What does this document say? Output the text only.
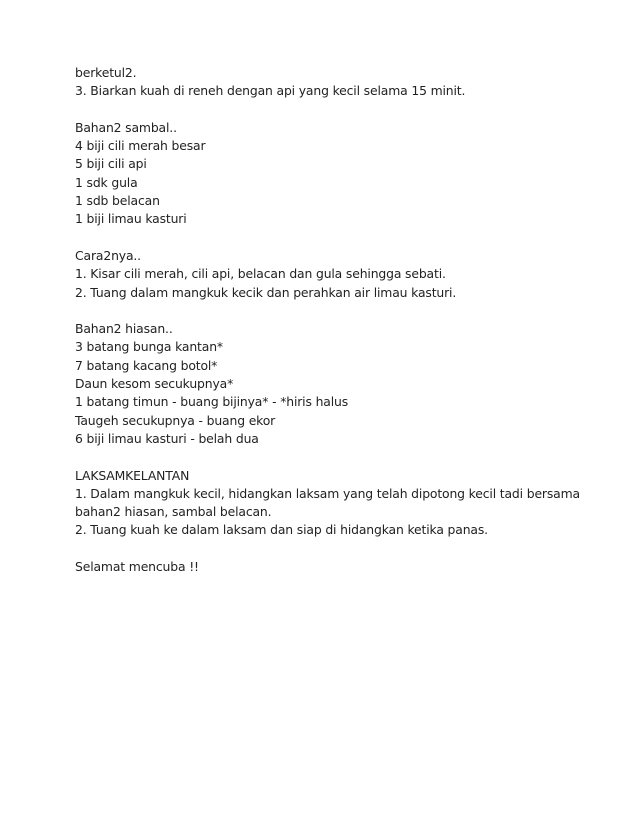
berketul2.
3. Biarkan kuah di reneh dengan api yang kecil selama 15 minit.
Bahan2 sambal..
4 biji cili merah besar
5 biji cili api
1 sdk gula
1 sdb belacan
1 biji limau kasturi
Cara2nya..
1. Kisar cili merah, cili api, belacan dan gula sehingga sebati.
2. Tuang dalam mangkuk kecik dan perahkan air limau kasturi.
Bahan2 hiasan..
3 batang bunga kantan*
7 batang kacang botol*
Daun kesom secukupnya*
1 batang timun - buang bijinya* - *hiris halus
Taugeh secukupnya - buang ekor
6 biji limau kasturi - belah dua
LAKSAMKELANTAN
1. Dalam mangkuk kecil, hidangkan laksam yang telah dipotong kecil tadi bersama
bahan2 hiasan, sambal belacan.
2. Tuang kuah ke dalam laksam dan siap di hidangkan ketika panas.
Selamat mencuba !!
